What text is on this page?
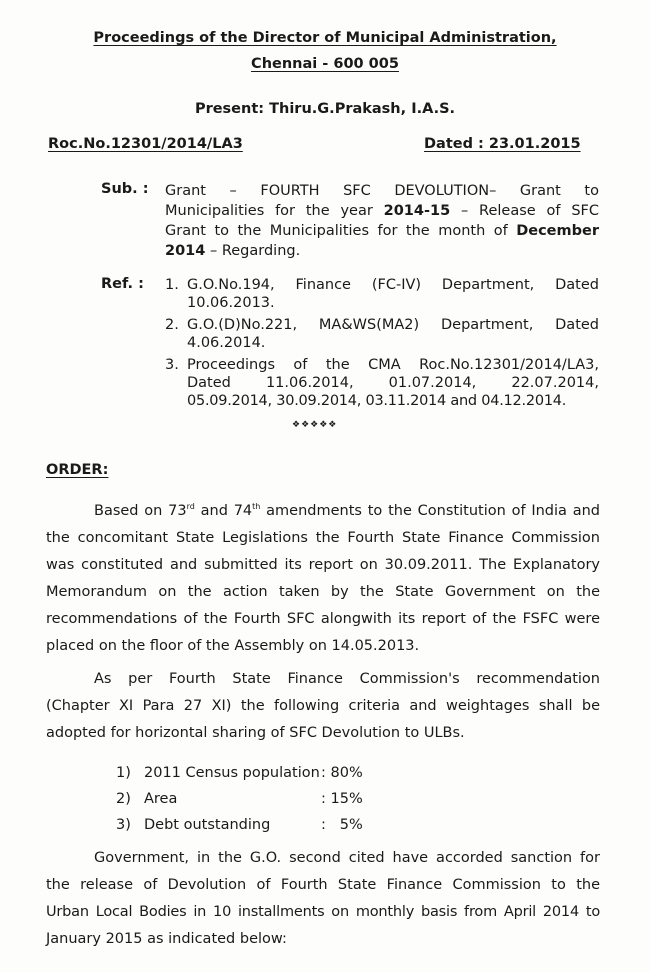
Proceedings of the Director of Municipal Administration,
Chennai - 600 005
Present: Thiru.G.Prakash, I.A.S.
Roc.No.12301/2014/LA3	Dated : 23.01.2015
Sub. : Grant – FOURTH SFC DEVOLUTION– Grant to
Municipalities for the year 2014-15 – Release of SFC
Grant to the Municipalities for the month of December
2014 – Regarding.
Ref. : 1. G.O.No.194, Finance (FC-IV) Department, Dated
10.06.2013.
2. G.O.(D)No.221, MA&WS(MA2) Department, Dated
4.06.2014.
3. Proceedings of the CMA Roc.No.12301/2014/LA3,
Dated 11.06.2014, 01.07.2014, 22.07.2014,
05.09.2014, 30.09.2014, 03.11.2014 and 04.12.2014.
❖❖❖❖❖
ORDER:
Based on 73rd and 74th amendments to the Constitution of India and
the concomitant State Legislations the Fourth State Finance Commission
was constituted and submitted its report on 30.09.2011. The Explanatory
Memorandum on the action taken by the State Government on the
recommendations of the Fourth SFC alongwith its report of the FSFC were
placed on the floor of the Assembly on 14.05.2013.
As per Fourth State Finance Commission's recommendation
(Chapter XI Para 27 XI) the following criteria and weightages shall be
adopted for horizontal sharing of SFC Devolution to ULBs.
1) 2011 Census population : 80%
2) Area	: 15%
3) Debt outstanding	:   5%
Government, in the G.O. second cited have accorded sanction for
the release of Devolution of Fourth State Finance Commission to the
Urban Local Bodies in 10 installments on monthly basis from April 2014 to
January 2015 as indicated below:
